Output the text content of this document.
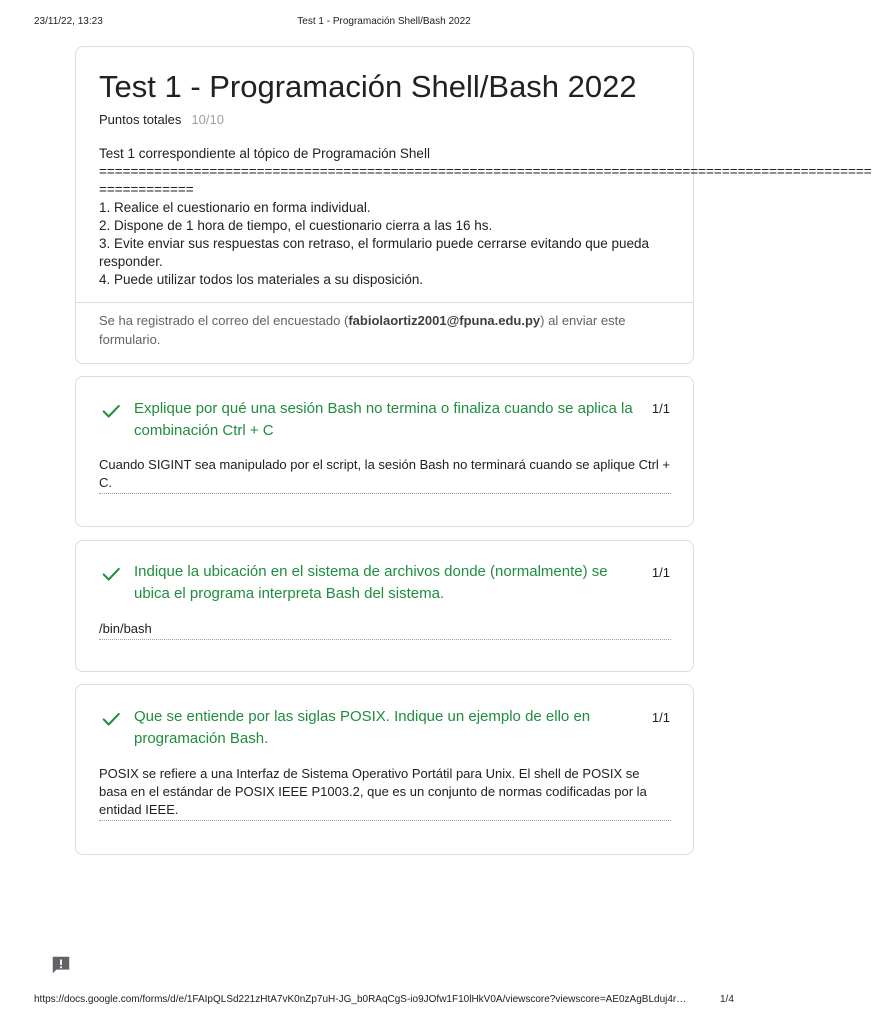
23/11/22, 13:23	Test 1 - Programación Shell/Bash 2022
Test 1 - Programación Shell/Bash 2022
Puntos totales 10/10
Test 1 correspondiente al tópico de Programación Shell
==================================================================================================
============
1. Realice el cuestionario en forma individual.
2. Dispone de 1 hora de tiempo, el cuestionario cierra a las 16 hs.
3. Evite enviar sus respuestas con retraso, el formulario puede cerrarse evitando que pueda responder.
4. Puede utilizar todos los materiales a su disposición.
Se ha registrado el correo del encuestado (fabiolaortiz2001@fpuna.edu.py) al enviar este formulario.
Explique por qué una sesión Bash no termina o finaliza cuando se aplica la combinación Ctrl + C
1/1
Cuando SIGINT sea manipulado por el script, la sesión Bash no terminará cuando se aplique Ctrl + C.
Indique la ubicación en el sistema de archivos donde (normalmente) se ubica el programa interpreta Bash del sistema.
1/1
/bin/bash
Que se entiende por las siglas POSIX. Indique un ejemplo de ello en programación Bash.
1/1
POSIX se refiere a una Interfaz de Sistema Operativo Portátil para Unix. El shell de POSIX se basa en el estándar de POSIX IEEE P1003.2, que es un conjunto de normas codificadas por la entidad IEEE.
https://docs.google.com/forms/d/e/1FAIpQLSd221zHtA7vK0nZp7uH-JG_b0RAqCgS-io9JOfw1F10lHkV0A/viewscore?viewscore=AE0zAgBLduj4r…	1/4
